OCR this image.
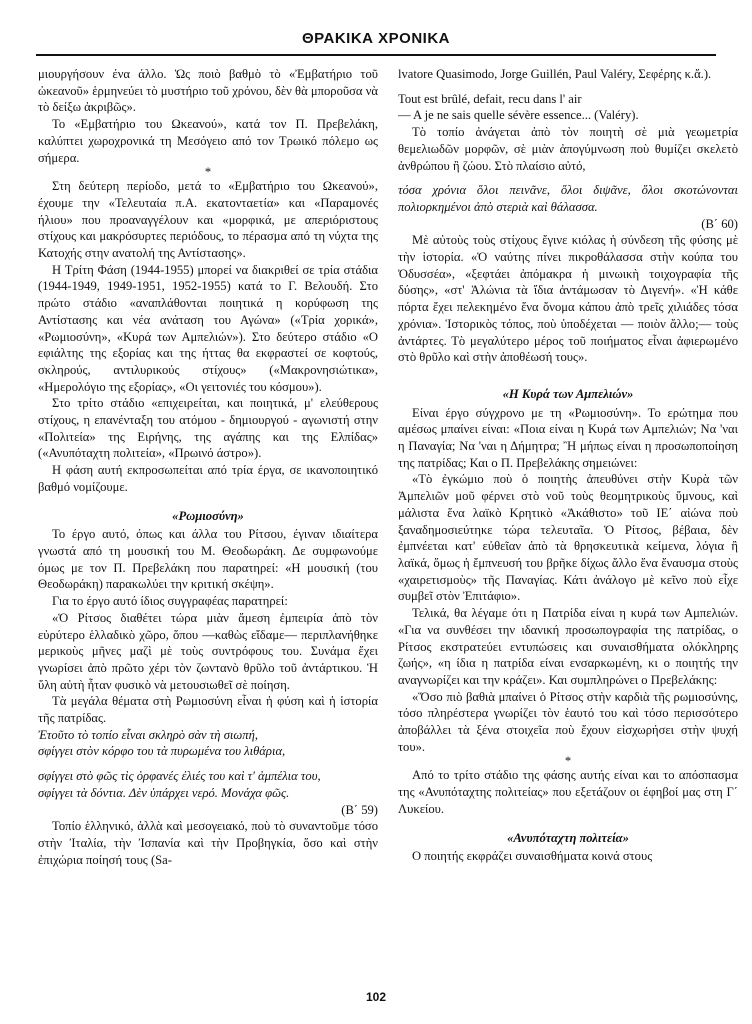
ΘΡΑΚΙΚΑ ΧΡΟΝΙΚΑ

μιουργήσουν ένα άλλο. Ὡς ποιὸ βαθμὸ τὸ «Ἐμβατήριο τοῦ ὠκεανοῦ» ἑρμηνεύει τὸ μυστήριο τοῦ χρόνου, δὲν θὰ μποροῦσα νὰ τὸ δείξω ἀκριβῶς».

Το «Εμβατήριο του Ωκεανού», κατά τον Π. Πρεβελάκη, καλύπτει χωροχρονικά τη Μεσόγειο από τον Τρωικό πόλεμο ως σήμερα.

*

Στη δεύτερη περίοδο, μετά το «Εμβατήριο του Ωκεανού», έχουμε την «Τελευταία π.Α. εκατονταετία» και «Παραμονές ήλιου» που προαναγγέλουν και «μορφικά, με απεριόριστους στίχους και μακρόσυρτες περιόδους, το πέρασμα από τη νύχτα της Κατοχής στην ανατολή της Αντίστασης».

Η Τρίτη Φάση (1944-1955) μπορεί να διακριθεί σε τρία στάδια (1944-1949, 1949-1951, 1952-1955) κατά το Γ. Βελουδή. Στο πρώτο στάδιο «αναπλάθονται ποιητικά η κορύφωση της Αντίστασης και νέα ανάταση του Αγώνα» («Τρία χορικά», «Ρωμιοσύνη», «Κυρά των Αμπελιών»). Στο δεύτερο στάδιο «Ο εφιάλτης της εξορίας και της ήττας θα εκφραστεί σε κοφτούς, σκληρούς, αντιλυρικούς στίχους» («Μακρονησιώτικα», «Ημερολόγιο της εξορίας», «Οι γειτονιές του κόσμου»).

Στο τρίτο στάδιο «επιχειρείται, και ποιητικά, μ' ελεύθερους στίχους, η επανένταξη του ατόμου - δημιουργού - αγωνιστή στην «Πολιτεία» της Ειρήνης, της αγάπης και της Ελπίδας» («Ανυπόταχτη πολιτεία», «Πρωινό άστρο»).

Η φάση αυτή εκπροσωπείται από τρία έργα, σε ικανοποιητικό βαθμό νομίζουμε.

«Ρωμιοσύνη»

Το έργο αυτό, όπως και άλλα του Ρίτσου, έγιναν ιδιαίτερα γνωστά από τη μουσική του Μ. Θεοδωράκη. Δε συμφωνούμε όμως με τον Π. Πρεβελάκη που παρατηρεί: «Η μουσική (του Θεοδωράκη) παρακωλύει την κριτική σκέψη».

Για το έργο αυτό ίδιος συγγραφέας παρατηρεί:

«Ὁ Ρίτσος διαθέτει τώρα μιὰν ἄμεση ἐμπειρία ἀπὸ τὸν εὐρύτερο ἑλλαδικὸ χῶρο, ὅπου —καθὼς εἴδαμε— περιπλανήθηκε μερικοὺς μῆνες μαζὶ μὲ τοὺς συντρόφους του. Συνάμα ἔχει γνωρίσει ἀπὸ πρῶτο χέρι τὸν ζωντανὸ θρῦλο τοῦ ἀντάρτικου. Ἡ ὕλη αὐτὴ ἦταν φυσικὸ νὰ μετουσιωθεῖ σὲ ποίηση.

Τὰ μεγάλα θέματα στὴ Ρωμιοσύνη εἶναι ἡ φύση καὶ ἡ ἱστορία τῆς πατρίδας.

Ἐτοῦτο τὸ τοπίο εἶναι σκληρὸ σὰν τὴ σιωπή,

σφίγγει στὸν κόρφο του τὰ πυρωμένα του λιθάρια,

σφίγγει στὸ φῶς τὶς ὀρφανές ἐλιές του καὶ τ' ἀμπέλια του,

σφίγγει τὰ δόντια. Δὲν ὑπάρχει νερό. Μονάχα φῶς.

(Β΄ 59)

Τοπίο ἑλληνικό, ἀλλὰ καὶ μεσογειακό, ποὺ τὸ συναντοῦμε τόσο στὴν Ἰταλία, τὴν Ἰσπανία καὶ τὴν Προβηγκία, ὅσο καὶ στὴν ἐπιχώρια ποίησή τους (Sa-

lvatore Quasimodo, Jorge Guillén, Paul Valéry, Σεφέρης κ.ἄ.).

Tout est brûlé, defait, recu dans l' air

— A je ne sais quelle sévère essence... (Valéry).

Τὸ τοπίο ἀνάγεται ἀπὸ τὸν ποιητὴ σὲ μιὰ γεωμετρία θεμελιωδῶν μορφῶν, σὲ μιὰν ἀπογύμνωση ποὺ θυμίζει σκελετὸ ἀνθρώπου ἢ ζώου. Στὸ πλαίσιο αὐτό,

τόσα χρόνια ὅλοι πεινᾶνε, ὅλοι διψᾶνε, ὅλοι σκοτώνονται πολιορκημένοι ἀπὸ στεριὰ καὶ θάλασσα.

(Β΄ 60)

Μὲ αὐτοὺς τοὺς στίχους ἔγινε κιόλας ἡ σύνδεση τῆς φύσης μὲ τὴν ἱστορία. «Ὁ ναύτης πίνει πικροθάλασσα στὴν κούπα του Ὀδυσσέα», «ξεφτάει ἀπόμακρα ἡ μινωικὴ τοιχογραφία τῆς δύσης», «στ' Ἁλώνια τὰ ἴδια ἀντάμωσαν τὸ Διγενή». «Ἡ κάθε πόρτα ἔχει πελεκημένο ἕνα ὄνομα κάπου ἀπὸ τρεῖς χιλιάδες τόσα χρόνια». Ἱστορικὸς τόπος, ποὺ ὑποδέχεται — ποιὸν ἄλλο;— τοὺς ἀντάρτες. Τὸ μεγαλύτερο μέρος τοῦ ποιήματος εἶναι ἀφιερωμένο στὸ θρῦλο καὶ στὴν ἀποθέωσή τους».

«Η Κυρά των Αμπελιών»

Είναι έργο σύγχρονο με τη «Ρωμιοσύνη». Το ερώτημα που αμέσως μπαίνει είναι: «Ποια είναι η Κυρά των Αμπελιών; Να 'ναι η Παναγία; Να 'ναι η Δήμητρα; Ἢ μήπως είναι η προσωποποίηση της πατρίδας; Και ο Π. Πρεβελάκης σημειώνει:

«Τὸ ἐγκώμιο ποὺ ὁ ποιητὴς ἀπευθύνει στὴν Κυρὰ τῶν Ἀμπελιῶν μοῦ φέρνει στὸ νοῦ τοὺς θεομητρικοὺς ὕμνους, καὶ μάλιστα ἕνα λαϊκὸ Κρητικὸ «Ἀκάθιστο» τοῦ ΙΕ΄ αἰώνα ποὺ ξαναδημοσιεύτηκε τώρα τελευταῖα. Ὁ Ρίτσος, βέβαια, δὲν ἐμπνέεται κατ' εὐθεῖαν ἀπὸ τὰ θρησκευτικὰ κείμενα, λόγια ἢ λαϊκά, ὅμως ἡ ἔμπνευσή του βρῆκε δίχως ἄλλο ἕνα ἔναυσμα στοὺς «χαιρετισμοὺς» τῆς Παναγίας. Κάτι ἀνάλογο μὲ κεῖνο ποὺ εἶχε συμβεῖ στὸν Ἐπιτάφιο».

Τελικά, θα λέγαμε ότι η Πατρίδα είναι η κυρά των Αμπελιών. «Για να συνθέσει την ιδανική προσωπογραφία της πατρίδας, ο Ρίτσος εκστρατεύει εντυπώσεις και συναισθήματα ολόκληρης ζωής», «η ίδια η πατρίδα είναι ενσαρκωμένη, κι ο ποιητής την αναγνωρίζει και την κράζει». Και συμπληρώνει ο Πρεβελάκης:

«Ὅσο πιὸ βαθιὰ μπαίνει ὁ Ρίτσος στὴν καρδιὰ τῆς ρωμιοσύνης, τόσο πληρέστερα γνωρίζει τὸν ἑαυτό του καὶ τόσο περισσότερο ἀποβάλλει τὰ ξένα στοιχεῖα ποὺ ἔχουν εἰσχωρήσει στὴν ψυχή του».

*

Από το τρίτο στάδιο της φάσης αυτής είναι και το απόσπασμα της «Ανυπόταχτης πολιτείας» που εξετάζουν οι έφηβοί μας στη Γ΄ Λυκείου.

«Ανυπόταχτη πολιτεία»

Ο ποιητής εκφράζει συναισθήματα κοινά στους

102
